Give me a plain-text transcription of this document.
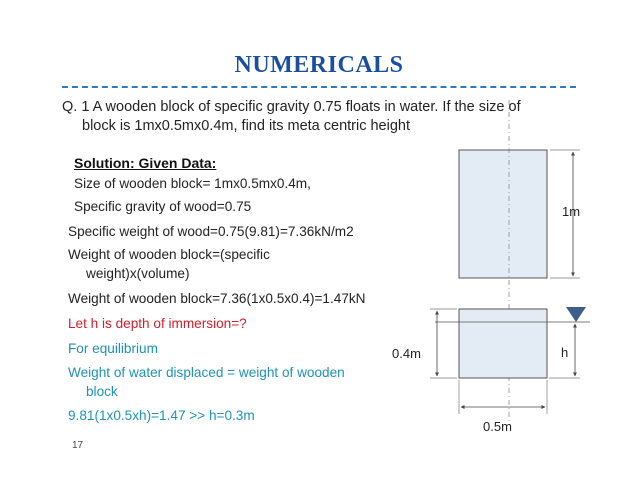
NUMERICALS
Q. 1 A wooden block of specific gravity 0.75 floats in water. If the size of
block is 1mx0.5mx0.4m, find its meta centric height
Solution: Given Data:
Size of wooden block= 1mx0.5mx0.4m,
Specific gravity of wood=0.75
Specific weight of wood=0.75(9.81)=7.36kN/m2
Weight of wooden block=(specific
weight)x(volume)
Weight of wooden block=7.36(1x0.5x0.4)=1.47kN
Let h is depth of immersion=?
For equilibrium
Weight of water displaced = weight of wooden
block
9.81(1x0.5xh)=1.47 >> h=0.3m
17
1m
0.4m	h
0.5m
